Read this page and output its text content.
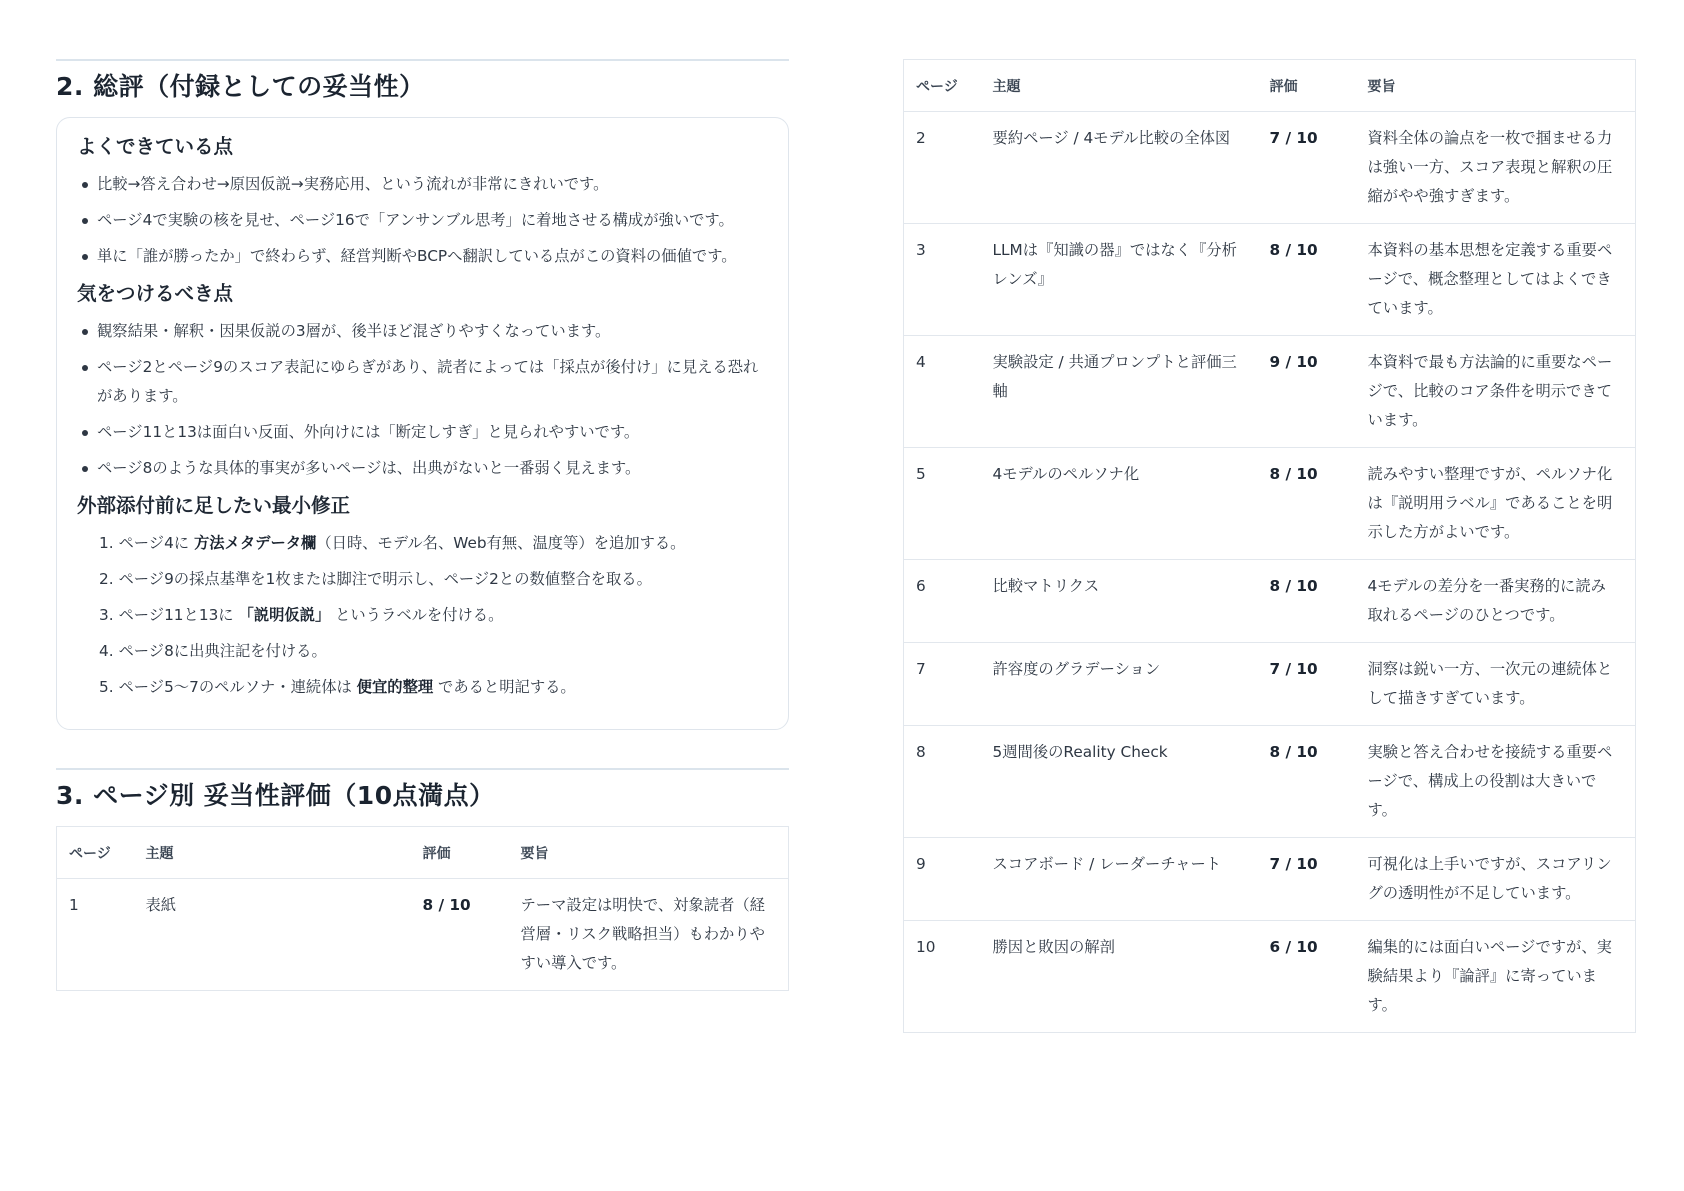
2. 総評（付録としての妥当性）
よくできている点
比較→答え合わせ→原因仮説→実務応用、という流れが非常にきれいです。
ページ4で実験の核を見せ、ページ16で「アンサンブル思考」に着地させる構成が強いです。
単に「誰が勝ったか」で終わらず、経営判断やBCPへ翻訳している点がこの資料の価値です。
気をつけるべき点
観察結果・解釈・因果仮説の3層が、後半ほど混ざりやすくなっています。
ページ2とページ9のスコア表記にゆらぎがあり、読者によっては「採点が後付け」に見える恐れがあります。
ページ11と13は面白い反面、外向けには「断定しすぎ」と見られやすいです。
ページ8のような具体的事実が多いページは、出典がないと一番弱く見えます。
外部添付前に足したい最小修正
1. ページ4に 方法メタデータ欄（日時、モデル名、Web有無、温度等）を追加する。
2. ページ9の採点基準を1枚または脚注で明示し、ページ2との数値整合を取る。
3. ページ11と13に 「説明仮説」 というラベルを付ける。
4. ページ8に出典注記を付ける。
5. ページ5〜7のペルソナ・連続体は 便宜的整理 であると明記する。
3. ページ別 妥当性評価（10点満点）
ページ	主題	評価	要旨
1	表紙	8 / 10	テーマ設定は明快で、対象読者（経営層・リスク戦略担当）もわかりやすい導入です。
ページ	主題	評価	要旨
2	要約ページ / 4モデル比較の全体図	7 / 10	資料全体の論点を一枚で掴ませる力は強い一方、スコア表現と解釈の圧縮がやや強すぎます。
3	LLMは『知識の器』ではなく『分析レンズ』	8 / 10	本資料の基本思想を定義する重要ページで、概念整理としてはよくできています。
4	実験設定 / 共通プロンプトと評価三軸	9 / 10	本資料で最も方法論的に重要なページで、比較のコア条件を明示できています。
5	4モデルのペルソナ化	8 / 10	読みやすい整理ですが、ペルソナ化は『説明用ラベル』であることを明示した方がよいです。
6	比較マトリクス	8 / 10	4モデルの差分を一番実務的に読み取れるページのひとつです。
7	許容度のグラデーション	7 / 10	洞察は鋭い一方、一次元の連続体として描きすぎています。
8	5週間後のReality Check	8 / 10	実験と答え合わせを接続する重要ページで、構成上の役割は大きいです。
9	スコアボード / レーダーチャート	7 / 10	可視化は上手いですが、スコアリングの透明性が不足しています。
10	勝因と敗因の解剖	6 / 10	編集的には面白いページですが、実験結果より『論評』に寄っています。
